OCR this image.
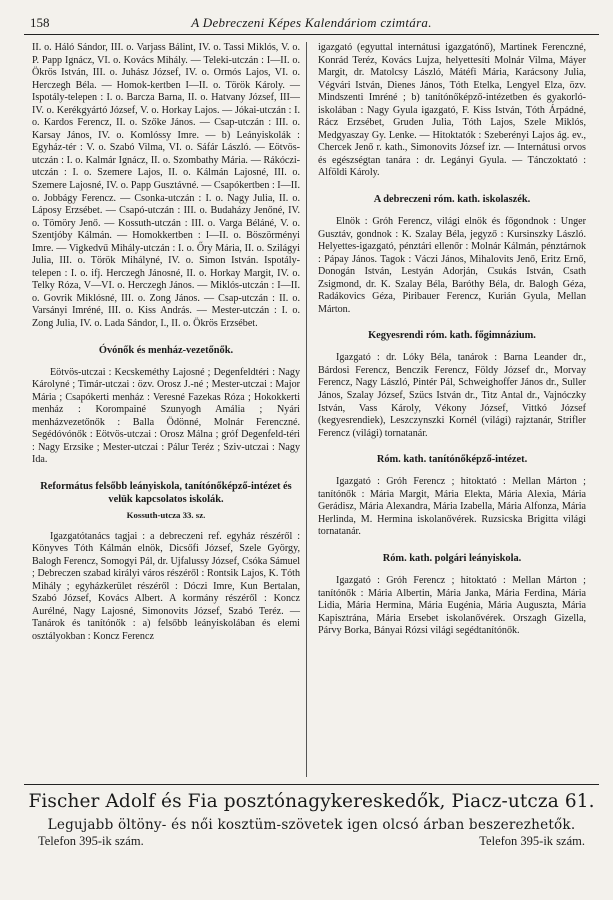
158	A Debreczeni Képes Kalendáriom czimtára.

II. o. Háló Sándor, III. o. Varjass Bálint, IV. o. Tassi Miklós, V. o. P. Papp Ignácz, VI. o. Kovács Mihály. — Teleki-utczán : I—II. o. Ökrös István, III. o. Juhász József, IV. o. Ormós Lajos, VI. o. Herczegh Béla. — Homok-kertben I—II. o. Török Károly. — Ispotály-telepen : I. o. Barcza Barna, II. o. Hatvany József, III—IV. o. Kerékgyártó József, V. o. Horkay Lajos. — Jókai-utczán : I. o. Kardos Ferencz, II. o. Szőke János. — Csap-utczán : III. o. Karsay János, IV. o. Komlóssy Imre. — b) Leányiskolák : Egyház-tér : V. o. Szabó Vilma, VI. o. Sáfár László. — Eötvös-utczán : I. o. Kalmár Ignácz, II. o. Szombathy Mária. — Rákóczi-utczán : I. o. Szemere Lajos, II. o. Kálmán Lajosné, III. o. Szemere Lajosné, IV. o. Papp Gusztávné. — Csapókertben : I—II. o. Jobbágy Ferencz. — Csonka-utczán : I. o. Nagy Julia, II. o. Láposy Erzsébet. — Csapó-utczán : III. o. Budaházy Jenőné, IV. o. Tömöry Jenő. — Kossuth-utczán : III. o. Varga Béláné, V. o. Szentjóby Kálmán. — Homokkertben : I—II. o. Böszörményi Imre. — Vigkedvű Mihály-utczán : I. o. Őry Mária, II. o. Szilágyi Julia, III. o. Török Mihályné, IV. o. Simon István. Ispotály-telepen : I. o. ifj. Herczegh Jánosné, II. o. Horkay Margit, IV. o. Telky Róza, V—VI. o. Herczegh János. — Miklós-utczán : I—II. o. Govrik Miklósné, III. o. Zong János. — Csap-utczán : II. o. Varsányi Imréné, III. o. Kiss András. — Mester-utczán : I. o. Zong Julia, IV. o. Lada Sándor, I., II. o. Ökrös Erzsébet.

Óvónők és menház-vezetőnők.

Eötvös-utczai : Kecskeméthy Lajosné ; Degenfeldtéri : Nagy Károlyné ; Timár-utczai : özv. Orosz J.-né ; Mester-utczai : Major Mária ; Csapókerti menház : Veresné Fazekas Róza ; Hokokkerti menház : Korompainé Szunyogh Amália ; Nyári menházvezetőnők : Balla Ödönné, Molnár Ferenczné. Segédóvónők : Eötvös-utczai : Orosz Málna ; gróf Degenfeld-téri : Nagy Erzsike ; Mester-utczai : Pálur Teréz ; Sziv-utczai : Nagy Ida.

Református felsőbb leányiskola, tanítónőképző-intézet és velük kapcsolatos iskolák.
Kossuth-utcza 33. sz.

Igazgatótanács tagjai : a debreczeni ref. egyház részéről : Könyves Tóth Kálmán elnök, Dicsőfi József, Szele György, Balogh Ferencz, Somogyi Pál, dr. Ujfalussy József, Csóka Sámuel ; Debreczen szabad királyi város részéről : Rontsik Lajos, K. Tóth Mihály ; egyházkerület részéről : Dóczi Imre, Kun Bertalan, Szabó József, Kovács Albert. A kormány részéről : Koncz Aurélné, Nagy Lajosné, Simonovits József, Szabó Teréz. — Tanárok és tanítónők : a) felsőbb leányiskolában és elemi osztályokban : Koncz Ferencz

igazgató (egyuttal internátusi igazgatónő), Martinek Ferenczné, Konrád Teréz, Kovács Lujza, helyettesíti Molnár Vilma, Máyer Margit, dr. Matolcsy László, Mátéfi Mária, Karácsony Julia, Végvári István, Dienes János, Tóth Etelka, Lengyel Elza, özv. Mindszenti Imréné ; b) tanítónőképző-intézetben és gyakorló-iskolában : Nagy Gyula igazgató, F. Kiss István, Tóth Árpádné, Rácz Erzsébet, Gruden Julia, Tóth Lajos, Szele Miklós, Medgyaszay Gy. Lenke. — Hitoktatók : Szeberényi Lajos ág. ev., Chercek Jenő r. kath., Simonovits József izr. — Internátusi orvos és egészségtan tanára : dr. Legányi Gyula. — Tánczoktató : Alföldi Károly.

A debreczeni róm. kath. iskolaszék.

Elnök : Gróh Ferencz, világi elnök és főgondnok : Unger Gusztáv, gondnok : K. Szalay Béla, jegyző : Kursinszky László. Helyettes-igazgató, pénztári ellenőr : Molnár Kálmán, pénztárnok : Pápay János. Tagok : Váczi János, Mihalovits Jenő, Eritz Ernő, Donogán István, Lestyán Adorján, Csukás István, Csath Zsigmond, dr. K. Szalay Béla, Baróthy Béla, dr. Balogh Géza, Radákovics Géza, Piribauer Ferencz, Kurián Gyula, Mellan Márton.

Kegyesrendi róm. kath. főgimnázium.

Igazgató : dr. Lóky Béla, tanárok : Barna Leander dr., Bárdosi Ferencz, Benczik Ferencz, Földy József dr., Morvay Ferencz, Nagy László, Pintér Pál, Schweighoffer János dr., Suller János, Szalay József, Szücs István dr., Titz Antal dr., Vajnóczky István, Vass Károly, Vékony József, Vittkó József (kegyesrendiek), Leszczynszki Kornél (világi) rajztanár, Strifler Ferencz (világi) tornatanár.

Róm. kath. tanítónőképző-intézet.

Igazgató : Gróh Ferencz ; hitoktató : Mellan Márton ; tanítónők : Mária Margit, Mária Elekta, Mária Alexia, Mária Gerádisz, Mária Alexandra, Mária Izabella, Mária Alfonza, Mária Herlinda, M. Hermina iskolanővérek. Ruzsicska Brigitta világi tornatanár.

Róm. kath. polgári leányiskola.

Igazgató : Gróh Ferencz ; hitoktató : Mellan Márton ; tanítónők : Mária Albertin, Mária Janka, Mária Ferdina, Mária Lidia, Mária Hermina, Mária Eugénia, Mária Augusztа, Mária Kapisztrána, Mária Ersebet iskolanővérek. Orszagh Gizella, Párvy Borka, Bányai Rózsi világi segédtanítónők.

Fischer Adolf és Fia posztónagykereskedők, Piacz-utcza 61.
Legujabb öltöny- és női kosztüm-szövetek igen olcsó árban beszerezhetők.
Telefon 395-ik szám.	Telefon 395-ik szám.
